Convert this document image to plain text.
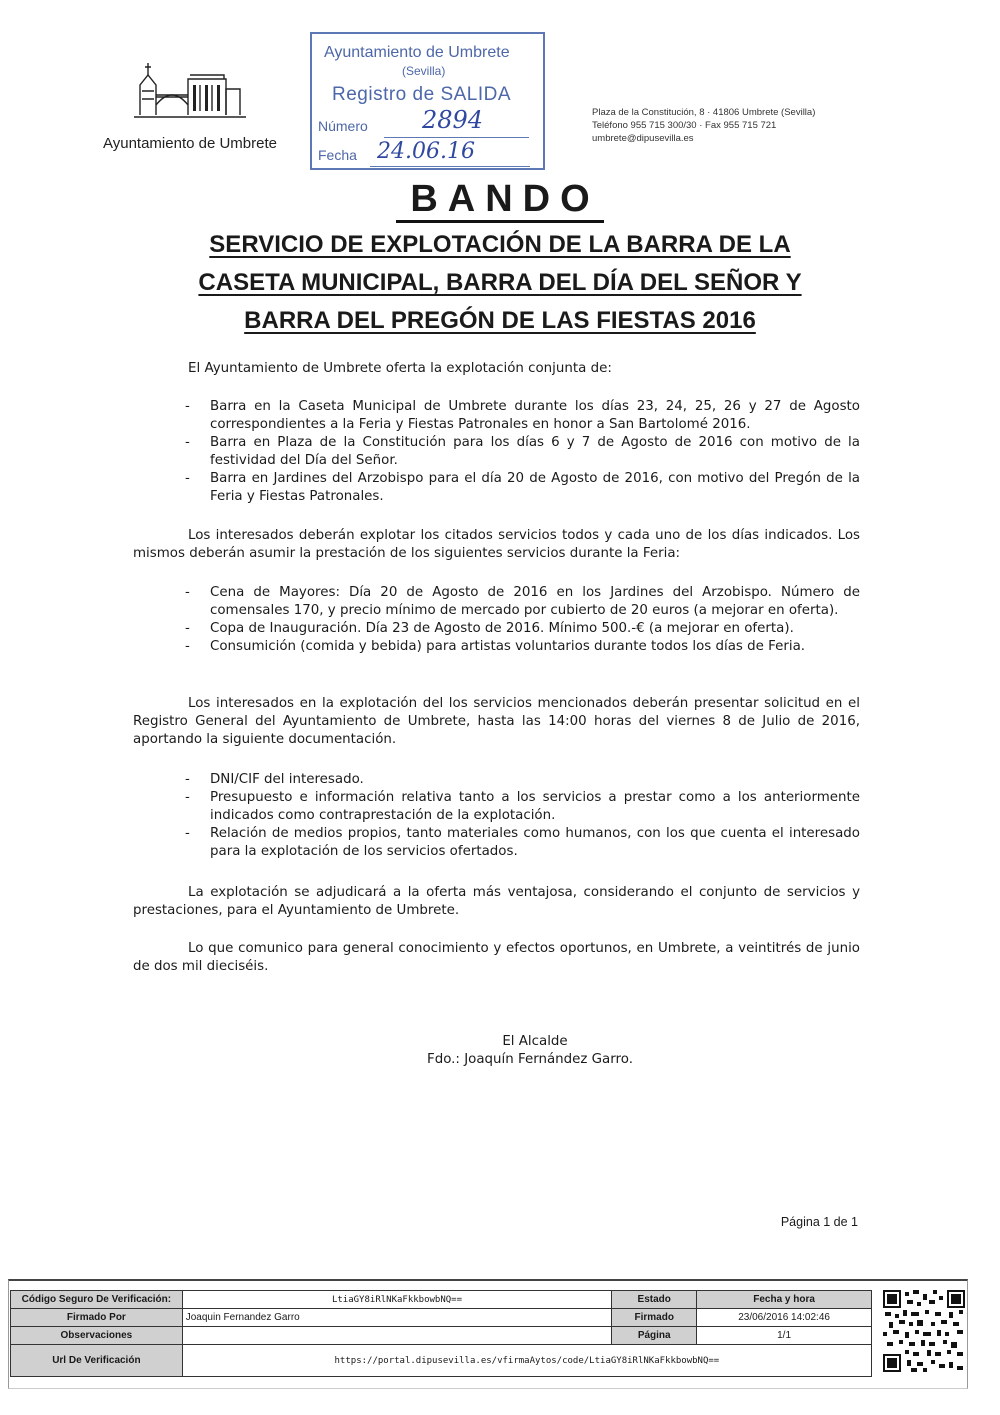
Ayuntamiento de Umbrete
Ayuntamiento de Umbrete
(Sevilla)
Registro de SALIDA
Número 2894
Fecha 24.06.16
Plaza de la Constitución, 8 · 41806 Umbrete (Sevilla)
Teléfono 955 715 300/30 · Fax 955 715 721
umbrete@dipusevilla.es
BANDO
SERVICIO DE EXPLOTACIÓN DE LA BARRA DE LA
CASETA MUNICIPAL, BARRA DEL DÍA DEL SEÑOR Y
BARRA DEL PREGÓN DE LAS FIESTAS 2016

El Ayuntamiento de Umbrete oferta la explotación conjunta de:

- Barra en la Caseta Municipal de Umbrete durante los días 23, 24, 25, 26 y 27 de Agosto correspondientes a la Feria y Fiestas Patronales en honor a San Bartolomé 2016.
- Barra en Plaza de la Constitución para los días 6 y 7 de Agosto de 2016 con motivo de la festividad del Día del Señor.
- Barra en Jardines del Arzobispo para el día 20 de Agosto de 2016, con motivo del Pregón de la Feria y Fiestas Patronales.

Los interesados deberán explotar los citados servicios todos y cada uno de los días indicados. Los mismos deberán asumir la prestación de los siguientes servicios durante la Feria:

- Cena de Mayores: Día 20 de Agosto de 2016 en los Jardines del Arzobispo. Número de comensales 170, y precio mínimo de mercado por cubierto de 20 euros (a mejorar en oferta).
- Copa de Inauguración. Día 23 de Agosto de 2016. Mínimo 500.-€ (a mejorar en oferta).
- Consumición (comida y bebida) para artistas voluntarios durante todos los días de Feria.

Los interesados en la explotación del los servicios mencionados deberán presentar solicitud en el Registro General del Ayuntamiento de Umbrete, hasta las 14:00 horas del viernes 8 de Julio de 2016, aportando la siguiente documentación.

- DNI/CIF del interesado.
- Presupuesto e información relativa tanto a los servicios a prestar como a los anteriormente indicados como contraprestación de la explotación.
- Relación de medios propios, tanto materiales como humanos, con los que cuenta el interesado para la explotación de los servicios ofertados.

La explotación se adjudicará a la oferta más ventajosa, considerando el conjunto de servicios y prestaciones, para el Ayuntamiento de Umbrete.

Lo que comunico para general conocimiento y efectos oportunos, en Umbrete, a veintitrés de junio de dos mil dieciséis.

El Alcalde
Fdo.: Joaquín Fernández Garro.
Página 1 de 1
Código Seguro De Verificación:	LtiaGY8iRlNKaFkkbowbNQ==	Estado	Fecha y hora
Firmado Por	Joaquin Fernandez Garro	Firmado	23/06/2016 14:02:46
Observaciones		Página	1/1
Url De Verificación	https://portal.dipusevilla.es/vfirmaAytos/code/LtiaGY8iRlNKaFkkbowbNQ==		
